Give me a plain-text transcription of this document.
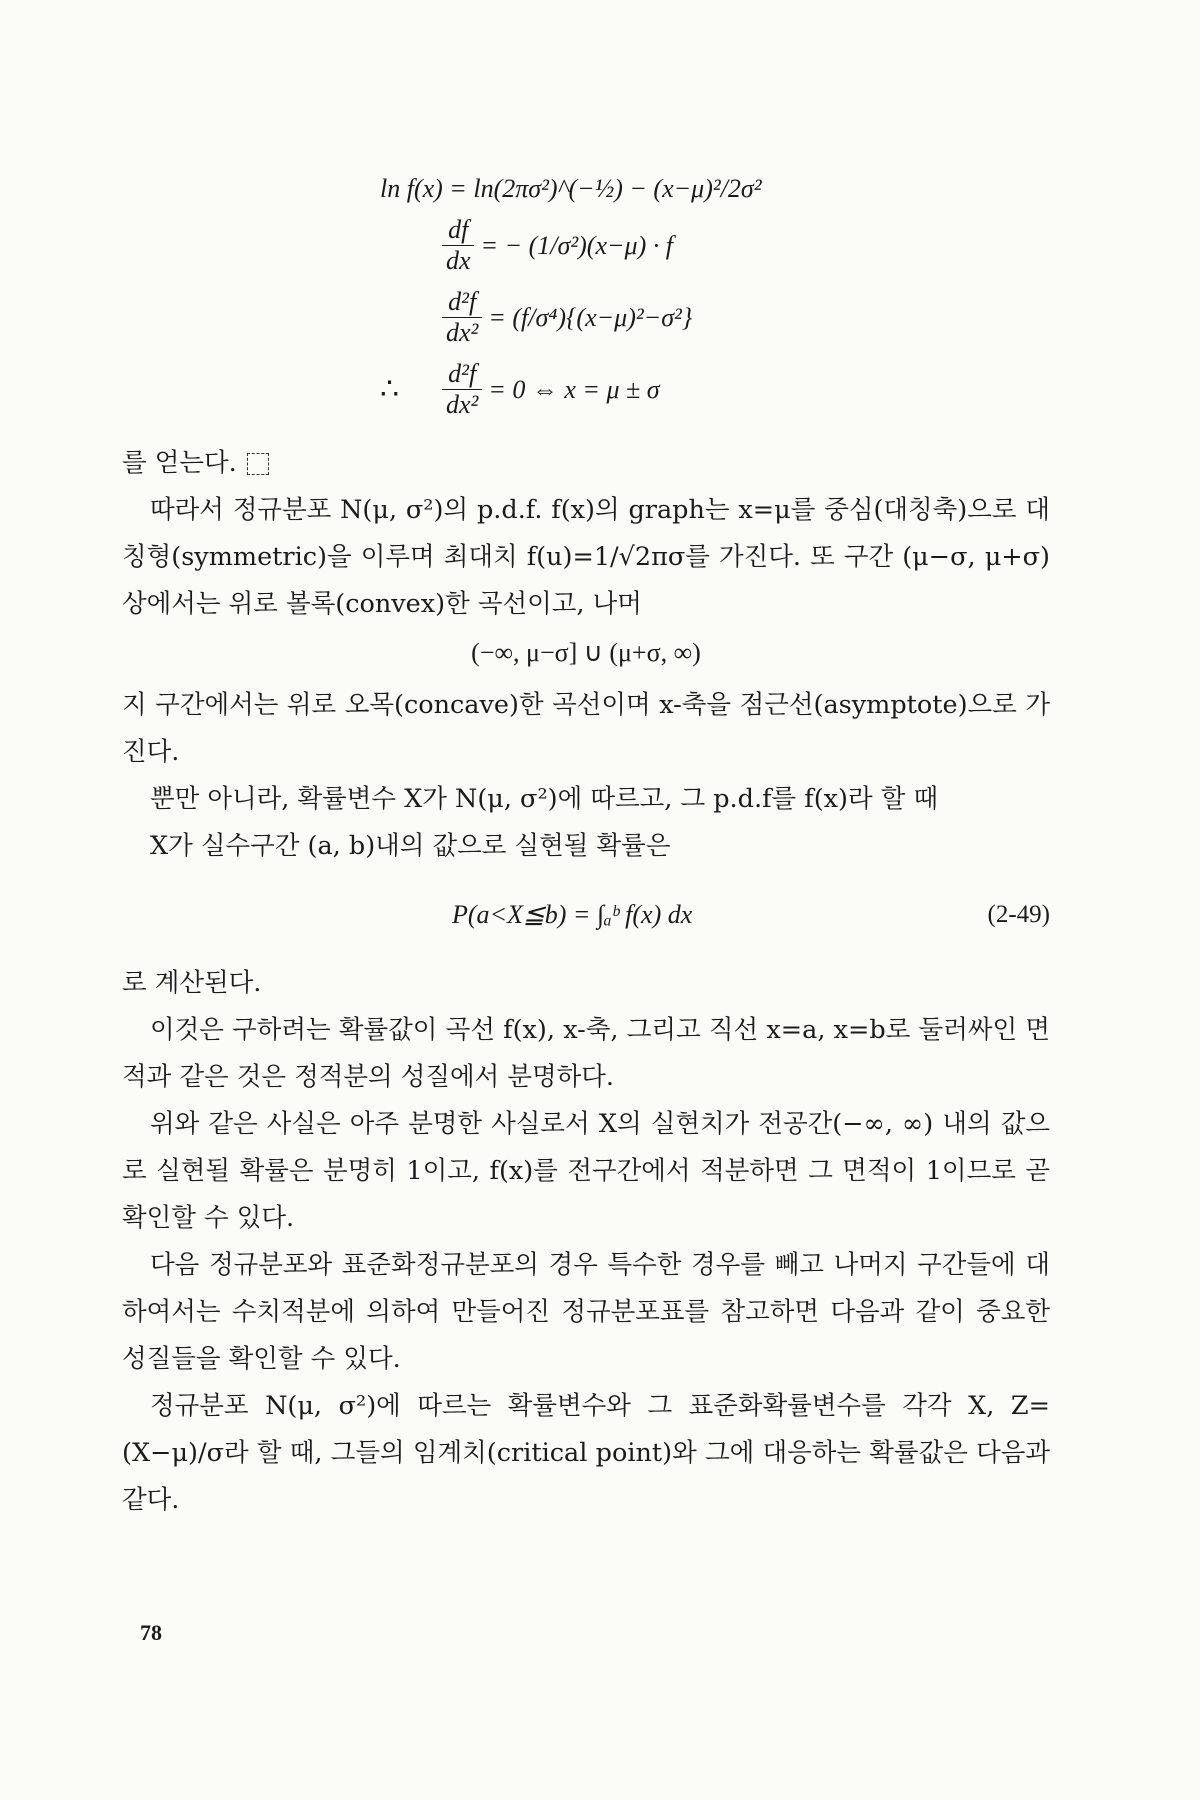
ln f(x) = ln(2πσ²)^(−½) − (x−μ)²/2σ²
$\frac{df}{dx}$ = − (1/σ²)(x−μ) · f
$\frac{\text{d²f}}{\text{dx²}} = (f/\sigma^4)\{(x-\mu)^2-\sigma^2\}$
∴	$\frac{\text{d²f}}{\text{dx²}} = 0$ ⇔ x = μ ± σ

를 얻는다.

따라서 정규분포 N(μ, σ²)의 p.d.f. f(x)의 graph는 x=μ를 중심(대칭축)으로 대칭형(symmetric)을 이루며 최대치 f(u)=1/√2πσ를 가진다. 또 구간 (μ−σ, μ+σ)상에서는 위로 볼록(convex)한 곡선이고, 나머

(−∞, μ−σ] ∪ (μ+σ, ∞)

지 구간에서는 위로 오목(concave)한 곡선이며 x-축을 점근선(asymptote)으로 가진다.

뿐만 아니라, 확률변수 X가 N(μ, σ²)에 따르고, 그 p.d.f를 f(x)라 할 때

X가 실수구간 (a, b)내의 값으로 실현될 확률은

P(a<X≦b) = ∫ₐᵇ f(x) dx	(2-49)

로 계산된다.

이것은 구하려는 확률값이 곡선 f(x), x-축, 그리고 직선 x=a, x=b로 둘러싸인 면적과 같은 것은 정적분의 성질에서 분명하다.

위와 같은 사실은 아주 분명한 사실로서 X의 실현치가 전공간(−∞, ∞) 내의 값으로 실현될 확률은 분명히 1이고, f(x)를 전구간에서 적분하면 그 면적이 1이므로 곧 확인할 수 있다.

다음 정규분포와 표준화정규분포의 경우 특수한 경우를 빼고 나머지 구간들에 대하여서는 수치적분에 의하여 만들어진 정규분포표를 참고하면 다음과 같이 중요한 성질들을 확인할 수 있다.

정규분포 N(μ, σ²)에 따르는 확률변수와 그 표준화확률변수를 각각 X, Z=(X−μ)/σ라 할 때, 그들의 임계치(critical point)와 그에 대응하는 확률값은 다음과 같다.

78
